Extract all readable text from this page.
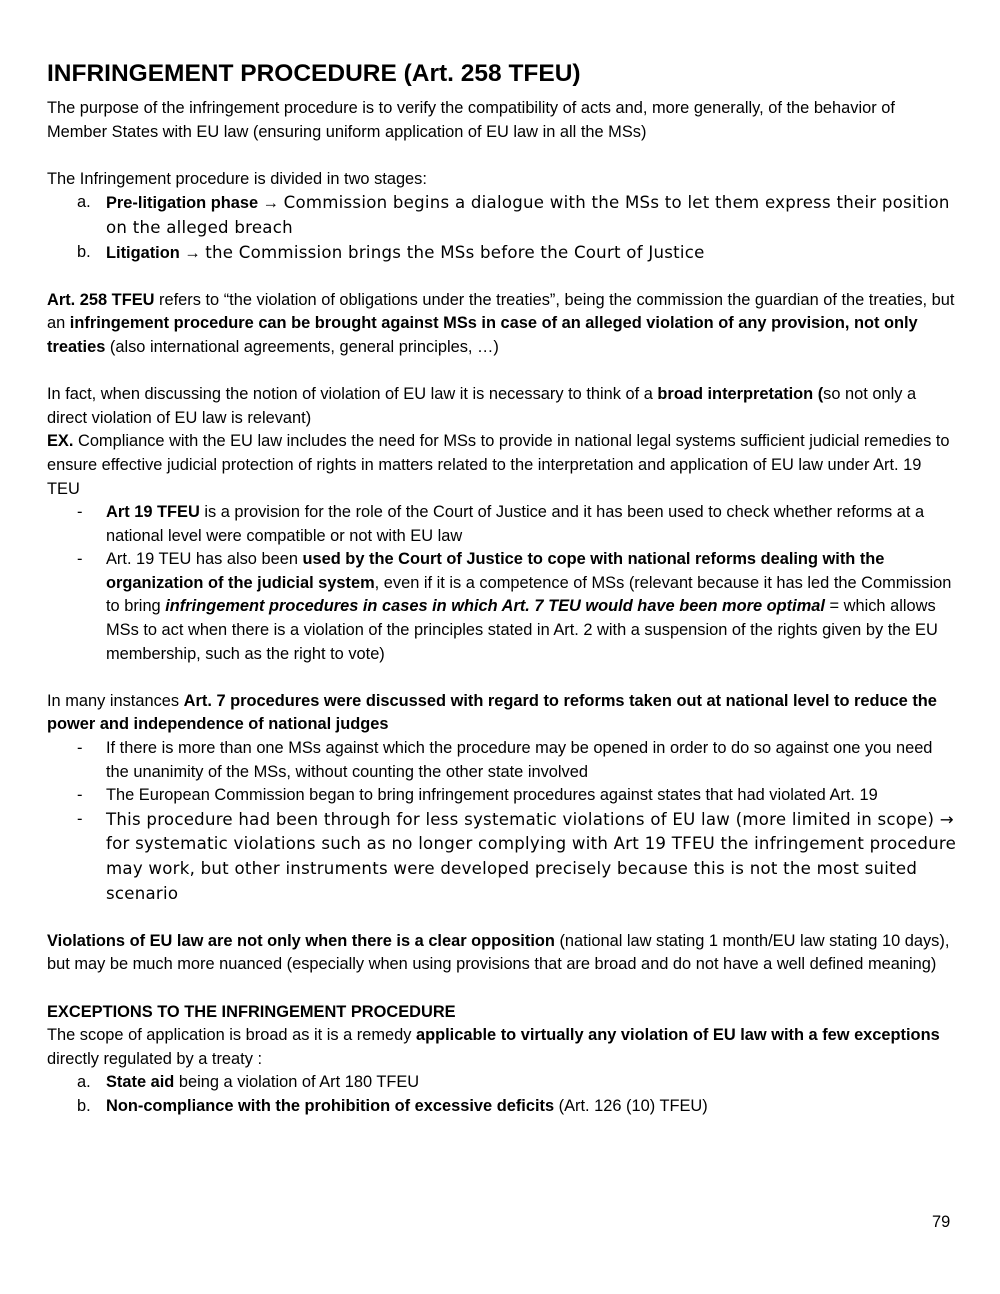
INFRINGEMENT PROCEDURE (Art. 258 TFEU)

The purpose of the infringement procedure is to verify the compatibility of acts and, more generally, of the behavior of Member States with EU law (ensuring uniform application of EU law in all the MSs)

The Infringement procedure is divided in two stages:

a. Pre-litigation phase → Commission begins a dialogue with the MSs to let them express their position on the alleged breach
b. Litigation → the Commission brings the MSs before the Court of Justice

Art. 258 TFEU refers to “the violation of obligations under the treaties”, being the commission the guardian of the treaties, but an infringement procedure can be brought against MSs in case of an alleged violation of any provision, not only treaties (also international agreements, general principles, …)

In fact, when discussing the notion of violation of EU law it is necessary to think of a broad interpretation (so not only a direct violation of EU law is relevant)

EX. Compliance with the EU law includes the need for MSs to provide in national legal systems sufficient judicial remedies to ensure effective judicial protection of rights in matters related to the interpretation and application of EU law under Art. 19 TEU

- Art 19 TFEU is a provision for the role of the Court of Justice and it has been used to check whether reforms at a national level were compatible or not with EU law
- Art. 19 TEU has also been used by the Court of Justice to cope with national reforms dealing with the organization of the judicial system, even if it is a competence of MSs (relevant because it has led the Commission to bring infringement procedures in cases in which Art. 7 TEU would have been more optimal = which allows MSs to act when there is a violation of the principles stated in Art. 2 with a suspension of the rights given by the EU membership, such as the right to vote)

In many instances Art. 7 procedures were discussed with regard to reforms taken out at national level to reduce the power and independence of national judges

- If there is more than one MSs against which the procedure may be opened in order to do so against one you need the unanimity of the MSs, without counting the other state involved
- The European Commission began to bring infringement procedures against states that had violated Art. 19
- This procedure had been through for less systematic violations of EU law (more limited in scope) → for systematic violations such as no longer complying with Art 19 TFEU the infringement procedure may work, but other instruments were developed precisely because this is not the most suited scenario

Violations of EU law are not only when there is a clear opposition (national law stating 1 month/EU law stating 10 days), but may be much more nuanced (especially when using provisions that are broad and do not have a well defined meaning)

EXCEPTIONS TO THE INFRINGEMENT PROCEDURE

The scope of application is broad as it is a remedy applicable to virtually any violation of EU law with a few exceptions directly regulated by a treaty :

a. State aid being a violation of Art 180 TFEU
b. Non-compliance with the prohibition of excessive deficits (Art. 126 (10) TFEU)
79
